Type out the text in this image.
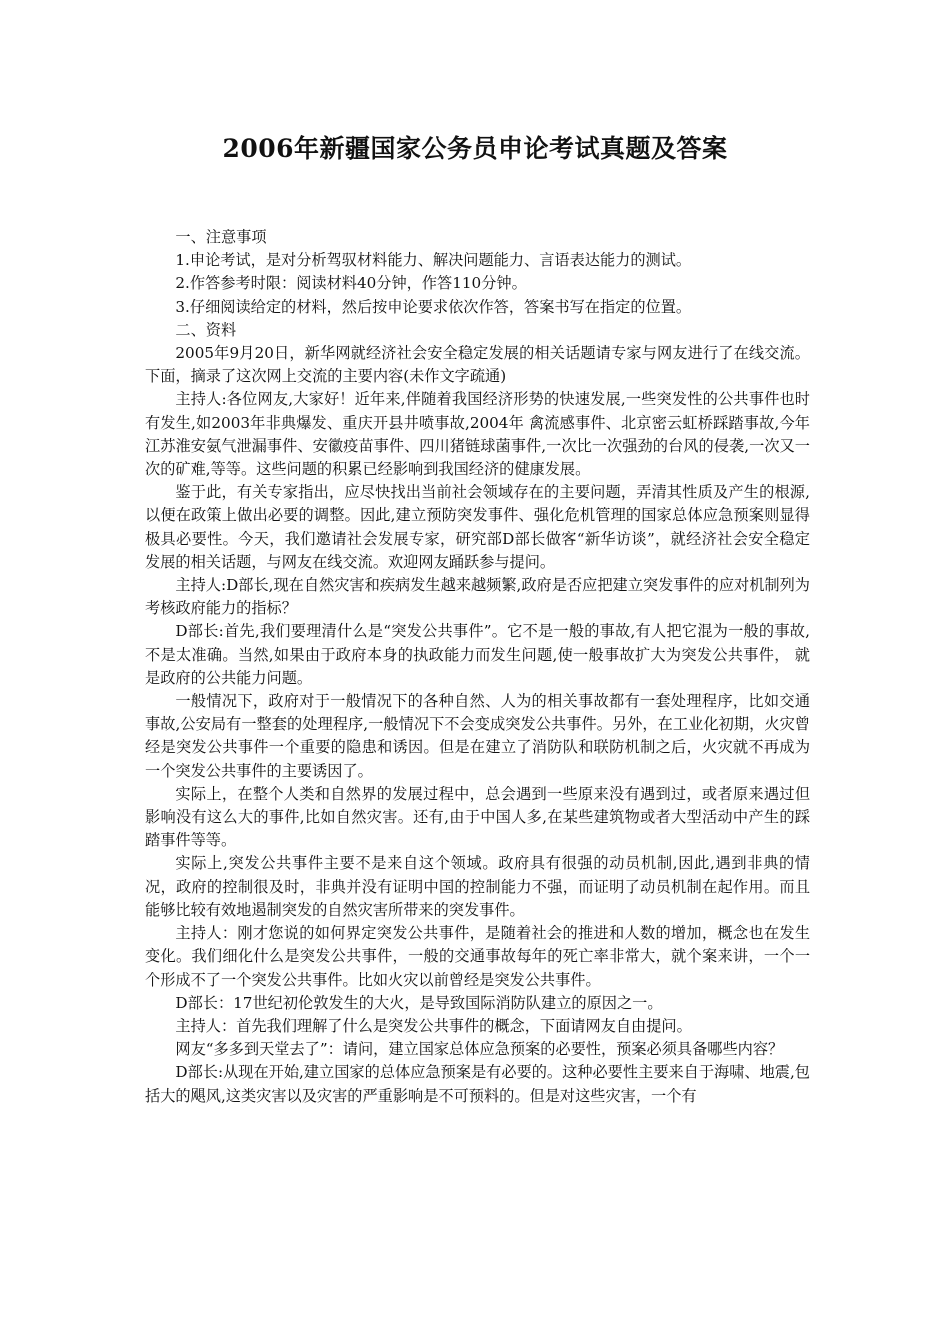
2006年新疆国家公务员申论考试真题及答案

一、注意事项

1.申论考试，是对分析驾驭材料能力、解决问题能力、言语表达能力的测试。

2.作答参考时限：阅读材料40分钟，作答110分钟。

3.仔细阅读给定的材料，然后按申论要求依次作答，答案书写在指定的位置。

二、资料

2005年9月20日，新华网就经济社会安全稳定发展的相关话题请专家与网友进行了在线交流。下面，摘录了这次网上交流的主要内容(未作文字疏通)

主持人:各位网友,大家好！近年来,伴随着我国经济形势的快速发展,一些突发性的公共事件也时有发生,如2003年非典爆发、重庆开县井喷事故,2004年 禽流感事件、北京密云虹桥踩踏事故,今年江苏淮安氨气泄漏事件、安徽疫苗事件、四川猪链球菌事件,一次比一次强劲的台风的侵袭,一次又一次的矿难,等等。这些问题的积累已经影响到我国经济的健康发展。

鉴于此，有关专家指出，应尽快找出当前社会领域存在的主要问题，弄清其性质及产生的根源,以便在政策上做出必要的调整。因此,建立预防突发事件、强化危机管理的国家总体应急预案则显得极具必要性。今天，我们邀请社会发展专家，研究部D部长做客“新华访谈”，就经济社会安全稳定发展的相关话题，与网友在线交流。欢迎网友踊跃参与提问。

主持人:D部长,现在自然灾害和疾病发生越来越频繁,政府是否应把建立突发事件的应对机制列为考核政府能力的指标？

D部长:首先,我们要理清什么是“突发公共事件”。它不是一般的事故,有人把它混为一般的事故,不是太准确。当然,如果由于政府本身的执政能力而发生问题,使一般事故扩大为突发公共事件， 就是政府的公共能力问题。

一般情况下，政府对于一般情况下的各种自然、人为的相关事故都有一套处理程序，比如交通事故,公安局有一整套的处理程序,一般情况下不会变成突发公共事件。另外，在工业化初期，火灾曾经是突发公共事件一个重要的隐患和诱因。但是在建立了消防队和联防机制之后，火灾就不再成为一个突发公共事件的主要诱因了。

实际上，在整个人类和自然界的发展过程中，总会遇到一些原来没有遇到过，或者原来遇过但影响没有这么大的事件,比如自然灾害。还有,由于中国人多,在某些建筑物或者大型活动中产生的踩踏事件等等。

实际上,突发公共事件主要不是来自这个领域。政府具有很强的动员机制,因此,遇到非典的情况，政府的控制很及时，非典并没有证明中国的控制能力不强，而证明了动员机制在起作用。而且能够比较有效地遏制突发的自然灾害所带来的突发事件。

主持人：刚才您说的如何界定突发公共事件，是随着社会的推进和人数的增加，概念也在发生变化。我们细化什么是突发公共事件，一般的交通事故每年的死亡率非常大，就个案来讲，一个一个形成不了一个突发公共事件。比如火灾以前曾经是突发公共事件。

D部长：17世纪初伦敦发生的大火，是导致国际消防队建立的原因之一。

主持人：首先我们理解了什么是突发公共事件的概念，下面请网友自由提问。

网友“多多到天堂去了”：请问，建立国家总体应急预案的必要性，预案必须具备哪些内容？

D部长:从现在开始,建立国家的总体应急预案是有必要的。这种必要性主要来自于海啸、地震,包括大的飓风,这类灾害以及灾害的严重影响是不可预料的。但是对这些灾害，一个有
